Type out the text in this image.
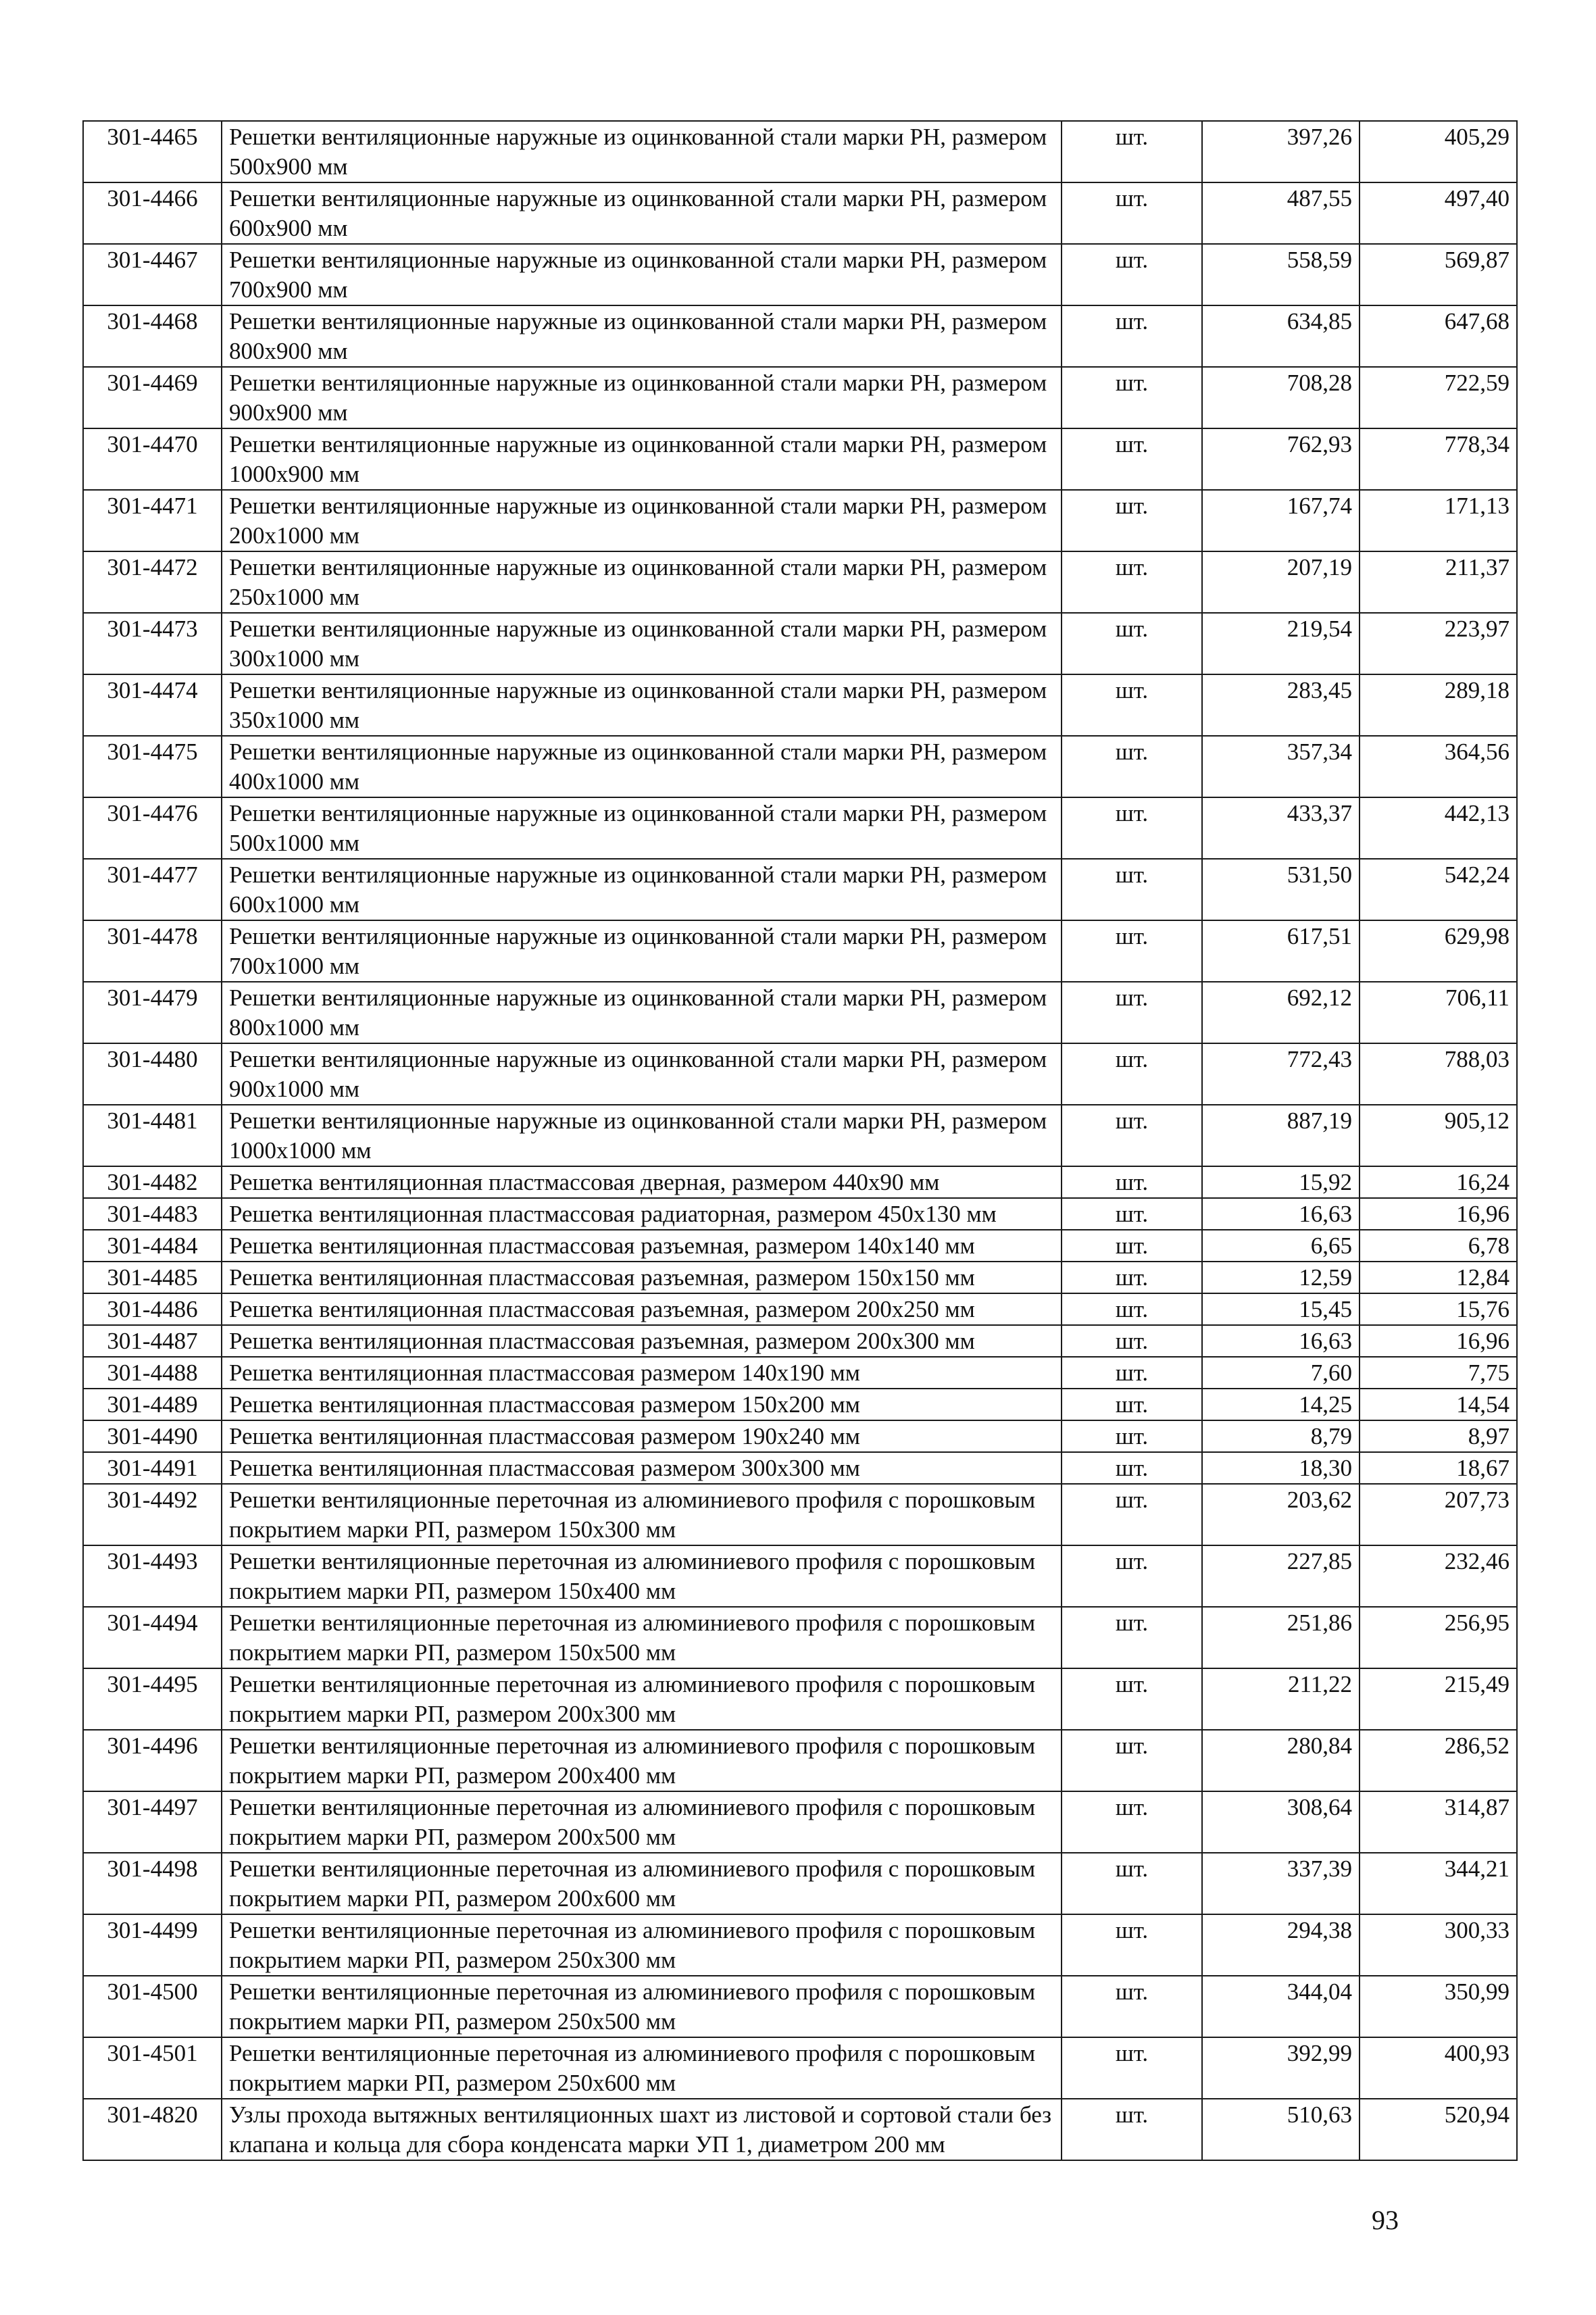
301-4465	Решетки вентиляционные наружные из оцинкованной стали марки РН, размером 500x900 мм	шт.	397,26	405,29
301-4466	Решетки вентиляционные наружные из оцинкованной стали марки РН, размером 600x900 мм	шт.	487,55	497,40
301-4467	Решетки вентиляционные наружные из оцинкованной стали марки РН, размером 700x900 мм	шт.	558,59	569,87
301-4468	Решетки вентиляционные наружные из оцинкованной стали марки РН, размером 800x900 мм	шт.	634,85	647,68
301-4469	Решетки вентиляционные наружные из оцинкованной стали марки РН, размером 900x900 мм	шт.	708,28	722,59
301-4470	Решетки вентиляционные наружные из оцинкованной стали марки РН, размером 1000x900 мм	шт.	762,93	778,34
301-4471	Решетки вентиляционные наружные из оцинкованной стали марки РН, размером 200x1000 мм	шт.	167,74	171,13
301-4472	Решетки вентиляционные наружные из оцинкованной стали марки РН, размером 250x1000 мм	шт.	207,19	211,37
301-4473	Решетки вентиляционные наружные из оцинкованной стали марки РН, размером 300x1000 мм	шт.	219,54	223,97
301-4474	Решетки вентиляционные наружные из оцинкованной стали марки РН, размером 350x1000 мм	шт.	283,45	289,18
301-4475	Решетки вентиляционные наружные из оцинкованной стали марки РН, размером 400x1000 мм	шт.	357,34	364,56
301-4476	Решетки вентиляционные наружные из оцинкованной стали марки РН, размером 500x1000 мм	шт.	433,37	442,13
301-4477	Решетки вентиляционные наружные из оцинкованной стали марки РН, размером 600x1000 мм	шт.	531,50	542,24
301-4478	Решетки вентиляционные наружные из оцинкованной стали марки РН, размером 700x1000 мм	шт.	617,51	629,98
301-4479	Решетки вентиляционные наружные из оцинкованной стали марки РН, размером 800x1000 мм	шт.	692,12	706,11
301-4480	Решетки вентиляционные наружные из оцинкованной стали марки РН, размером 900x1000 мм	шт.	772,43	788,03
301-4481	Решетки вентиляционные наружные из оцинкованной стали марки РН, размером 1000x1000 мм	шт.	887,19	905,12
301-4482	Решетка вентиляционная пластмассовая дверная, размером 440x90 мм	шт.	15,92	16,24
301-4483	Решетка вентиляционная пластмассовая радиаторная, размером 450x130 мм	шт.	16,63	16,96
301-4484	Решетка вентиляционная пластмассовая разъемная, размером 140x140 мм	шт.	6,65	6,78
301-4485	Решетка вентиляционная пластмассовая разъемная, размером 150x150 мм	шт.	12,59	12,84
301-4486	Решетка вентиляционная пластмассовая разъемная, размером 200x250 мм	шт.	15,45	15,76
301-4487	Решетка вентиляционная пластмассовая разъемная, размером 200x300 мм	шт.	16,63	16,96
301-4488	Решетка вентиляционная пластмассовая размером 140x190 мм	шт.	7,60	7,75
301-4489	Решетка вентиляционная пластмассовая размером 150x200 мм	шт.	14,25	14,54
301-4490	Решетка вентиляционная пластмассовая размером 190x240 мм	шт.	8,79	8,97
301-4491	Решетка вентиляционная пластмассовая размером 300x300 мм	шт.	18,30	18,67
301-4492	Решетки вентиляционные переточная из алюминиевого профиля с порошковым покрытием марки РП, размером 150x300 мм	шт.	203,62	207,73
301-4493	Решетки вентиляционные переточная из алюминиевого профиля с порошковым покрытием марки РП, размером 150x400 мм	шт.	227,85	232,46
301-4494	Решетки вентиляционные переточная из алюминиевого профиля с порошковым покрытием марки РП, размером 150x500 мм	шт.	251,86	256,95
301-4495	Решетки вентиляционные переточная из алюминиевого профиля с порошковым покрытием марки РП, размером 200x300 мм	шт.	211,22	215,49
301-4496	Решетки вентиляционные переточная из алюминиевого профиля с порошковым покрытием марки РП, размером 200x400 мм	шт.	280,84	286,52
301-4497	Решетки вентиляционные переточная из алюминиевого профиля с порошковым покрытием марки РП, размером 200x500 мм	шт.	308,64	314,87
301-4498	Решетки вентиляционные переточная из алюминиевого профиля с порошковым покрытием марки РП, размером 200x600 мм	шт.	337,39	344,21
301-4499	Решетки вентиляционные переточная из алюминиевого профиля с порошковым покрытием марки РП, размером 250x300 мм	шт.	294,38	300,33
301-4500	Решетки вентиляционные переточная из алюминиевого профиля с порошковым покрытием марки РП, размером 250x500 мм	шт.	344,04	350,99
301-4501	Решетки вентиляционные переточная из алюминиевого профиля с порошковым покрытием марки РП, размером 250x600 мм	шт.	392,99	400,93
301-4820	Узлы прохода вытяжных вентиляционных шахт из листовой и сортовой стали без клапана и кольца для сбора конденсата марки УП 1, диаметром 200 мм	шт.	510,63	520,94
93
